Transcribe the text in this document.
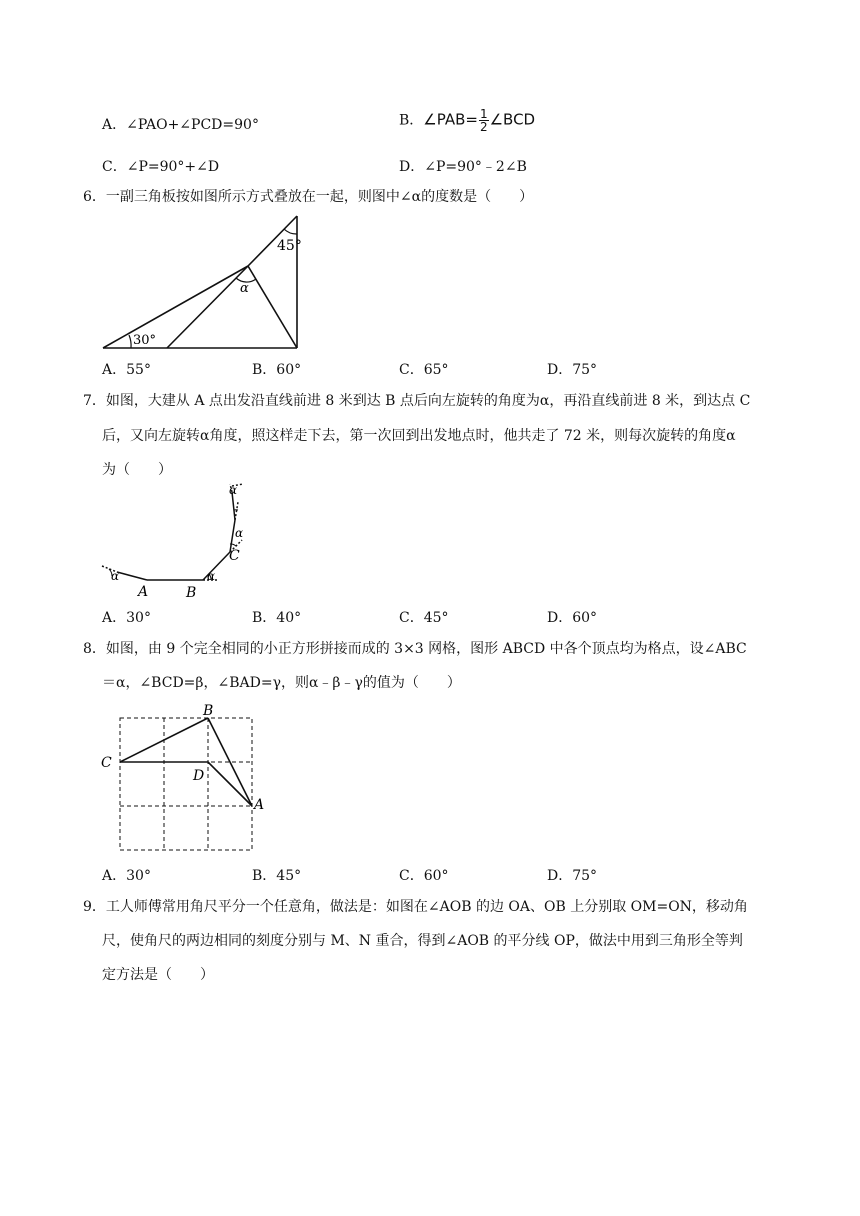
A．∠PAO+∠PCD=90°	B．∠PAB= $\frac{1}{2}$ ∠BCD
C．∠P=90°+∠D	D．∠P=90°﹣2∠B
6．一副三角板按如图所示方式叠放在一起，则图中∠α的度数是（　　）
45°
α
30°
A．55°	B．60°	C．65°	D．75°
7．如图，大建从 A 点出发沿直线前进 8 米到达 B 点后向左旋转的角度为α，再沿直线前进 8 米，到达点 C
后，又向左旋转α角度，照这样走下去，第一次回到出发地点时，他共走了 72 米，则每次旋转的角度α
为（　　）
α	α
α
α
A	B
C
A．30°	B．40°	C．45°	D．60°
8．如图，由 9 个完全相同的小正方形拼接而成的 3×3 网格，图形 ABCD 中各个顶点均为格点，设∠ABC
＝α，∠BCD=β，∠BAD=γ，则α﹣β﹣γ的值为（　　）
B
C
D
A
A．30°	B．45°	C．60°	D．75°
9．工人师傅常用角尺平分一个任意角，做法是：如图在∠AOB 的边 OA、OB 上分别取 OM=ON，移动角
尺，使角尺的两边相同的刻度分别与 M、N 重合，得到∠AOB 的平分线 OP，做法中用到三角形全等判
定方法是（　　）
